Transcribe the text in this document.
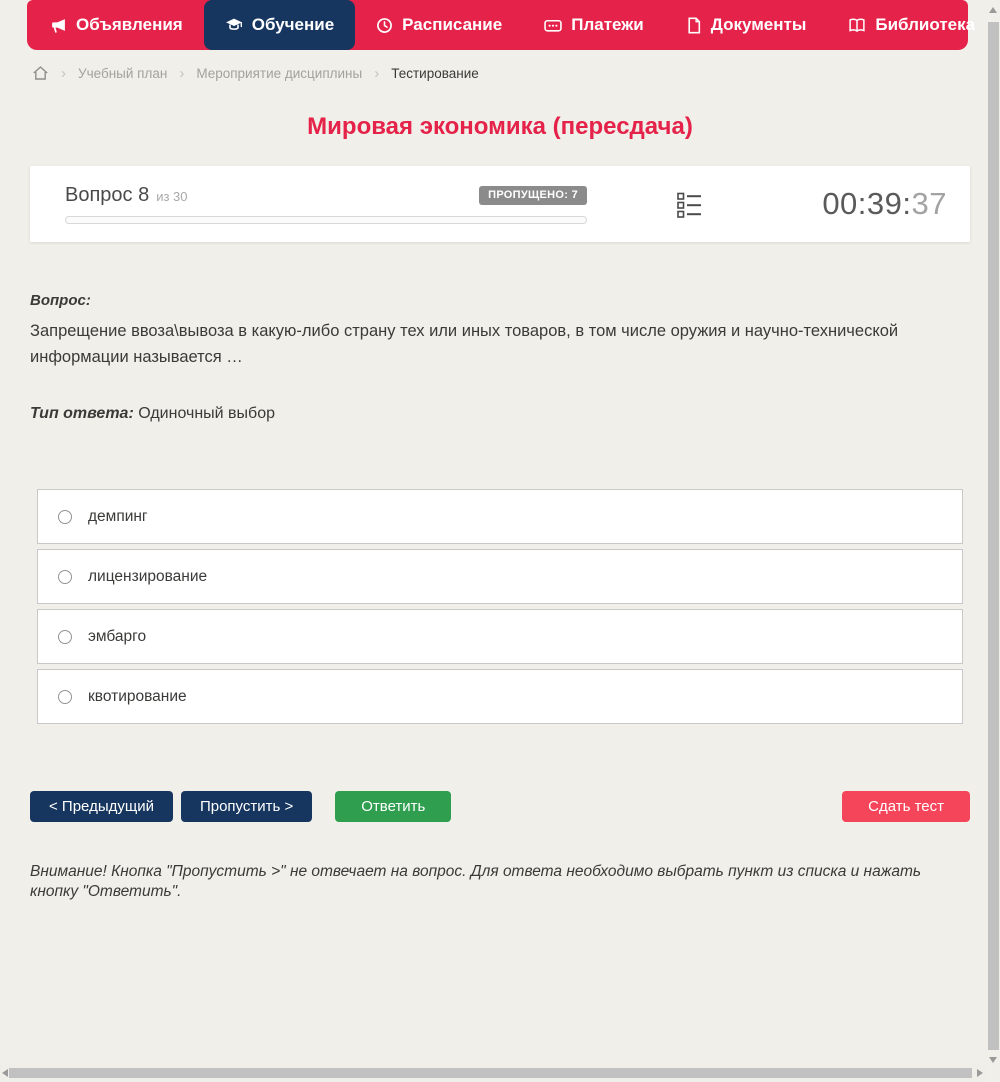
Объявления	Обучение	Расписание	Платежи	Документы	Библиотека
› Учебный план › Мероприятие дисциплины › Тестирование
Мировая экономика (пересдача)
Вопрос 8 из 30	ПРОПУЩЕНО: 7	00:39:37
Вопрос:
Запрещение ввоза\вывоза в какую-либо страну тех или иных товаров, в том числе оружия и научно-технической информации называется …
Тип ответа: Одиночный выбор
демпинг
лицензирование
эмбарго
квотирование
< Предыдущий	Пропустить >	Ответить	Сдать тест

Внимание! Кнопка "Пропустить >" не отвечает на вопрос. Для ответа необходимо выбрать пункт из списка и нажать кнопку "Ответить".
